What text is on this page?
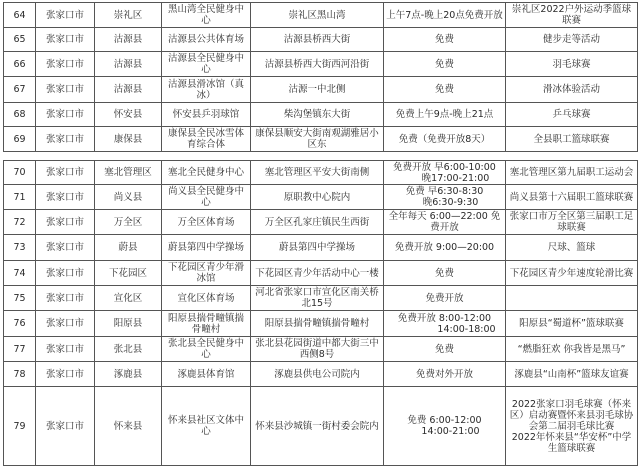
64	张家口市	崇礼区	黑山湾全民健身中心	崇礼区黑山湾	上午7点-晚上20点免费开放	崇礼区2022户外运动季篮球联赛
65	张家口市	沽源县	沽源县公共体育场	沽源县桥西大街	免费	健步走等活动
66	张家口市	沽源县	沽源县全民健身中心	沽源县桥西大街西河沿街	免费	羽毛球赛
67	张家口市	沽源县	沽源县滑冰馆（真冰）	沽源一中北侧	免费	滑冰体验活动
68	张家口市	怀安县	怀安县乒羽球馆	柴沟堡镇东大街	免费上午9点-晚上21点	乒乓球赛
69	张家口市	康保县	康保县全民冰雪体育综合体	康保县顺安大街南观湖雅居小区东	免费（免费开放8天）	全县职工篮球联赛
70	张家口市	塞北管理区	塞北全民健身中心	塞北管理区平安大街南侧	免费开放 早6:00-10:00
晚17:00-21:00	塞北管理区第九届职工运动会
71	张家口市	尚义县	尚义县全民健身中心	原职教中心院内	免费 早6:30-8:30
晚6:30-9:30	尚义县第十六届职工篮球联赛
72	张家口市	万全区	万全区体育场	万全区孔家庄镇民生西街	全年每天 6:00—22:00 免费开放	张家口市万全区第三届职工足球联赛
73	张家口市	蔚县	蔚县第四中学操场	蔚县第四中学操场	免费开放 9:00—20:00	尺球、篮球
74	张家口市	下花园区	下花园区青少年滑冰馆	下花园区青少年活动中心一楼	免费	下花园区青少年速度轮滑比赛
75	张家口市	宣化区	宣化区体育场	河北省张家口市宣化区南关桥北15号	免费开放	

76	张家口市	阳原县	阳原县揣骨疃镇揣骨疃村	阳原县揣骨疃镇揣骨疃村	免费开放 8:00-12:00
14:00-18:00	阳原县“蜀道杯”篮球联赛
77	张家口市	张北县	张北县全民健身中心	张北县花园街道中都大街三中西侧8号	免费	“燃脂狂欢 你我皆是黑马”
78	张家口市	涿鹿县	涿鹿县体育馆	涿鹿县供电公司院内	免费对外开放	涿鹿县“山南杯”篮球友谊赛
79	张家口市	怀来县	怀来县社区文体中心	怀来县沙城镇一街村委会院内	免费 6:00-12:00
14:00-21:00	2022张家口羽毛球赛（怀来区）启动赛暨怀来县羽毛球协会第二届羽毛球比赛
2022年怀来县“华安杯”中学生篮球联赛
